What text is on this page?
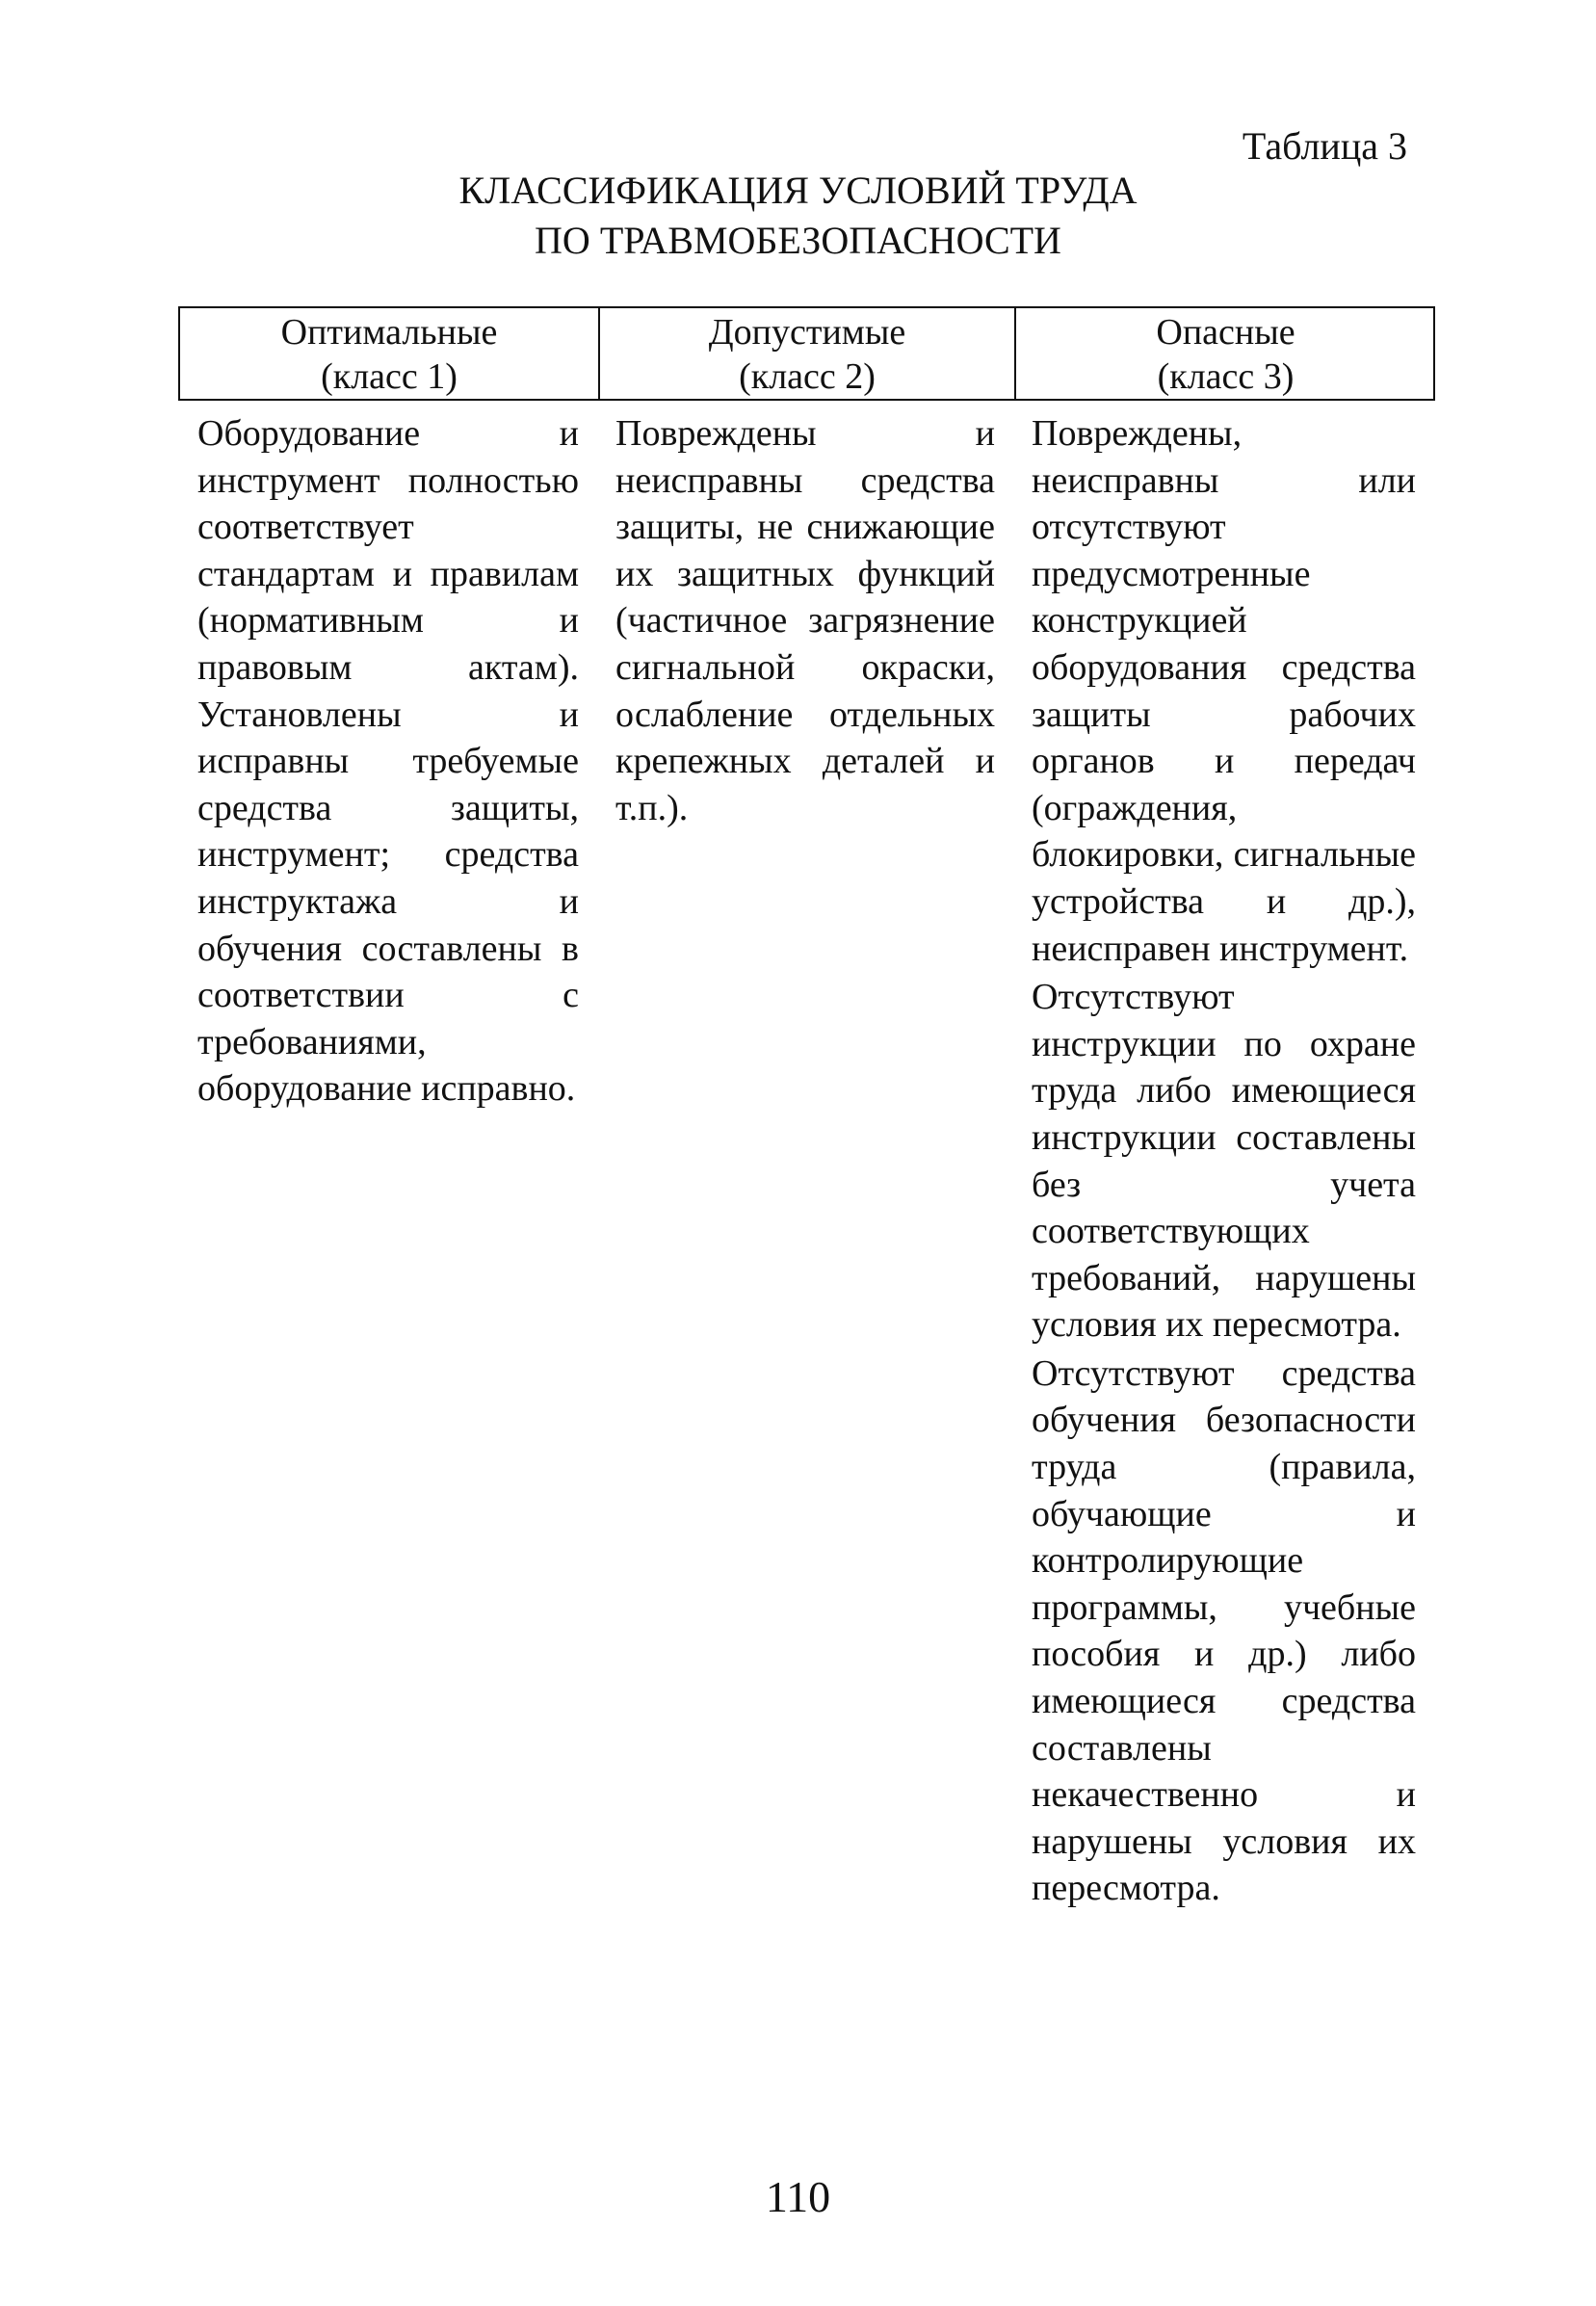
Таблица 3
КЛАССИФИКАЦИЯ УСЛОВИЙ ТРУДА
ПО ТРАВМОБЕЗОПАСНОСТИ
Оптимальные
(класс 1)
Допустимые
(класс 2)
Опасные
(класс 3)

Оборудование и инструмент полностью соответствует стандартам и правилам (нормативным и правовым актам). Установлены и исправны требуемые средства защиты, инструмент; средства инструктажа и обучения составлены в соответствии с требованиями, оборудование исправно.

Повреждены и неисправны средства защиты, не снижающие их защитных функций (частичное загрязнение сигнальной окраски, ослабление отдельных крепежных деталей и т.п.).

Повреждены, неисправны или отсутствуют предусмотренные конструкцией оборудования средства защиты рабочих органов и передач (ограждения, блокировки, сигнальные устройства и др.), неисправен инструмент.

Отсутствуют инструкции по охране труда либо имеющиеся инструкции составлены без учета соответствующих требований, нарушены условия их пересмотра.

Отсутствуют средства обучения безопасности труда (правила, обучающие и контролирующие программы, учебные пособия и др.) либо имеющиеся средства составлены некачественно и нарушены условия их пересмотра.

110
